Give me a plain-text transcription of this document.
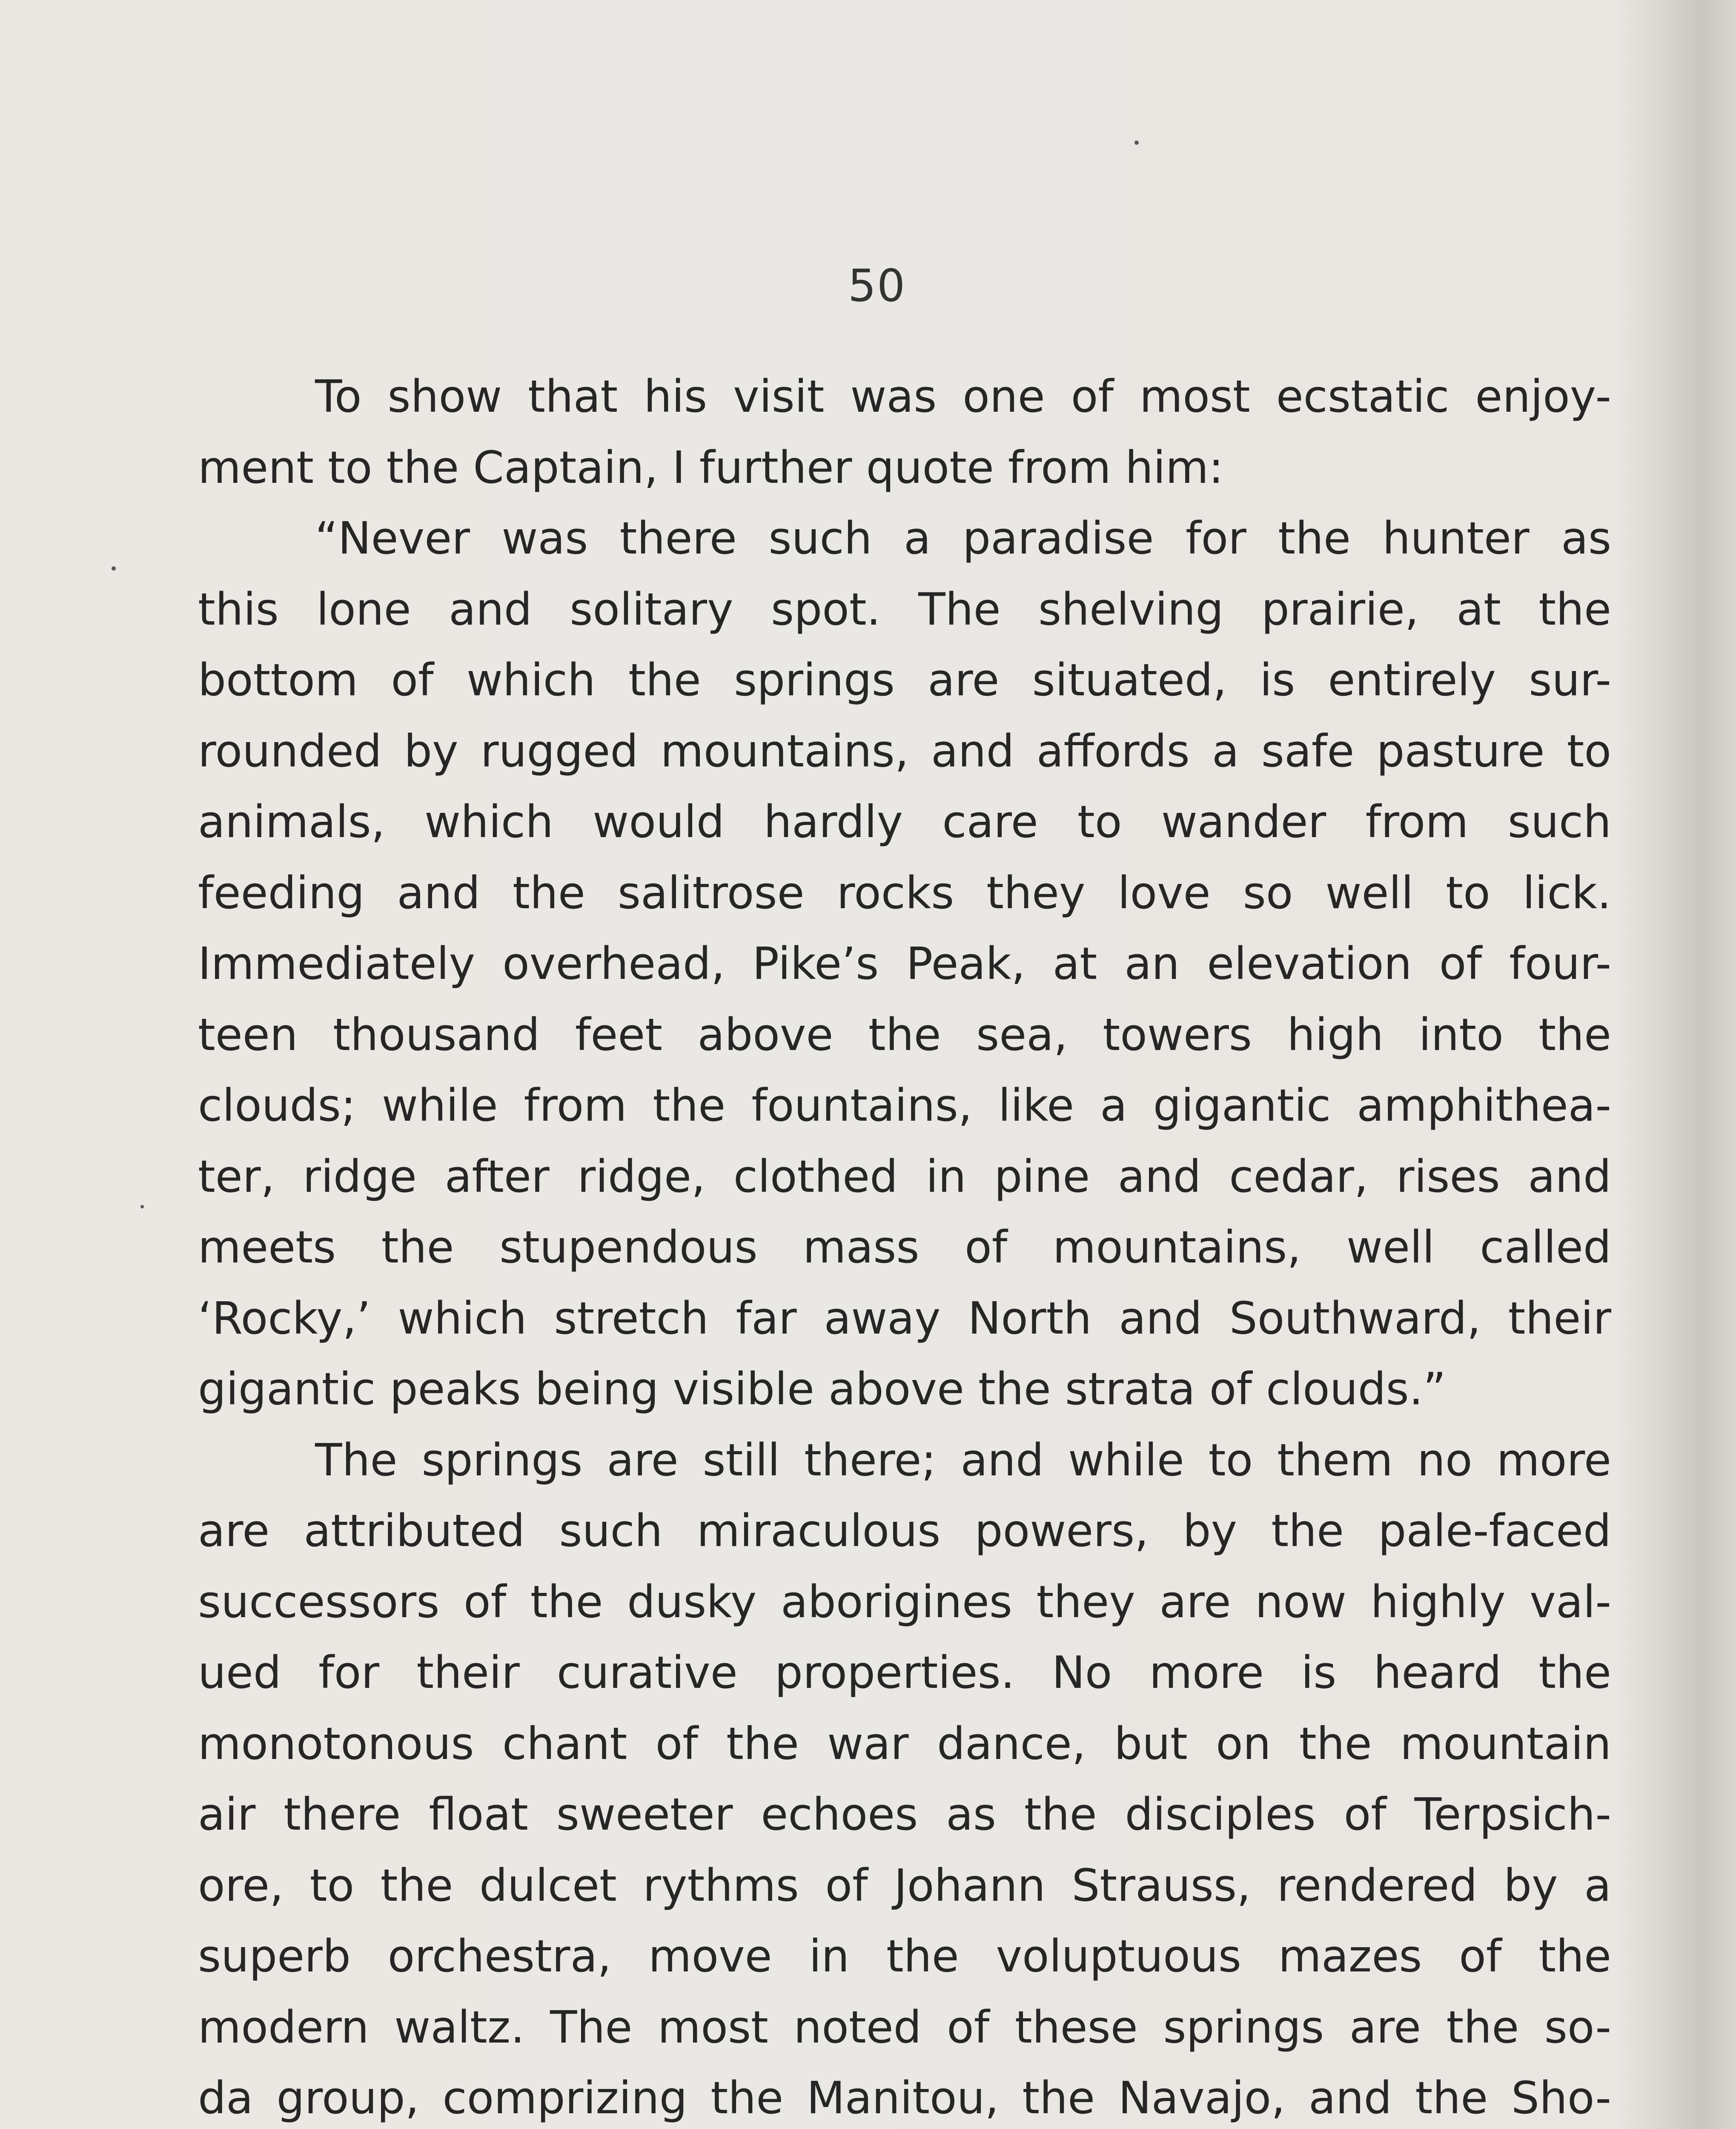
50
To show that his visit was one of most ecstatic enjoy-
ment to the Captain, I further quote from him:
“Never was there such a paradise for the hunter as
this lone and solitary spot. The shelving prairie, at the
bottom of which the springs are situated, is entirely sur-
rounded by rugged mountains, and affords a safe pasture to
animals, which would hardly care to wander from such
feeding and the salitrose rocks they love so well to lick.
Immediately overhead, Pike’s Peak, at an elevation of four-
teen thousand feet above the sea, towers high into the
clouds; while from the fountains, like a gigantic amphithea-
ter, ridge after ridge, clothed in pine and cedar, rises and
meets the stupendous mass of mountains, well called
‘Rocky,’ which stretch far away North and Southward, their
gigantic peaks being visible above the strata of clouds.”
The springs are still there; and while to them no more
are attributed such miraculous powers, by the pale-faced
successors of the dusky aborigines they are now highly val-
ued for their curative properties. No more is heard the
monotonous chant of the war dance, but on the mountain
air there float sweeter echoes as the disciples of Terpsich-
ore, to the dulcet rythms of Johann Strauss, rendered by a
superb orchestra, move in the voluptuous mazes of the
modern waltz. The most noted of these springs are the so-
da group, comprizing the Manitou, the Navajo, and the Sho-
